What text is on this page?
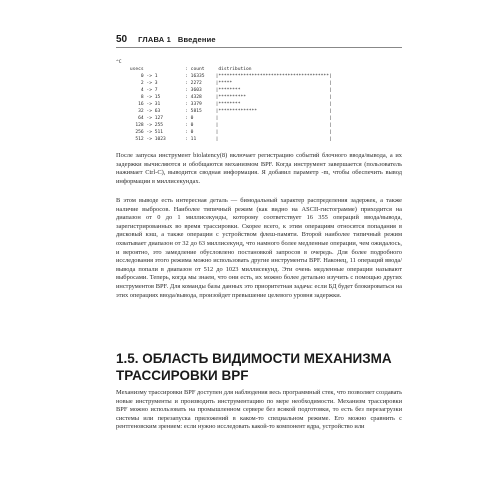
50 ГЛАВА 1   Введение
^C
usecs               : count     distribution
0 -> 1          : 16335    |****************************************|
2 -> 3          : 2272     |*****                                   |
4 -> 7          : 3603     |********                                |
8 -> 15         : 4328     |**********                              |
16 -> 31         : 3379     |********                                |
32 -> 63         : 5815     |**************                          |
64 -> 127        : 0        |                                        |
128 -> 255        : 0        |                                        |
256 -> 511        : 0        |                                        |
512 -> 1023       : 11       |                                        |

После запуска инструмент biolatency(8) включает регистрацию событий блочного ввода/вывода, а их задержки вычисляются и обобщаются механизмом BPF. Когда инструмент завершается (пользователь нажимает Ctrl-C), выводится сводная информация. Я добавил параметр -m, чтобы обеспечить вывод информации в миллисекундах.

В этом выводе есть интересная деталь — бимодальный характер распределения задержек, а также наличие выбросов. Наиболее типичный режим (как видно на ASCII-гистограмме) приходится на диапазон от 0 до 1 миллисекунды, которому соответствует 16 355 операций ввода/вывода, зарегистрированных во время трассировки. Скорее всего, к этим операциям относятся попадания в дисковый кэш, а также операции с устройством флеш-памяти. Второй наиболее типичный режим охватывает диапазон от 32 до 63 миллисекунд, что намного более медленные операции, чем ожидалось, и вероятно, это замедление обусловлено постановкой запросов в очередь. Для более подробного исследования этого режима можно использовать другие инструменты BPF. Наконец, 11 операций ввода/вывода попали в диапазон от 512 до 1023 миллисекунд. Эти очень медленные операции называют выбросами. Теперь, когда мы знаем, что они есть, их можно более детально изучить с помощью других инструментов BPF. Для команды базы данных это приоритетная задача: если БД будет блокироваться на этих операциях ввода/вывода, произойдет превышение целевого уровня задержки.

1.5. ОБЛАСТЬ ВИДИМОСТИ МЕХАНИЗМА
ТРАССИРОВКИ BPF

Механизму трассировки BPF доступен для наблюдения весь программный стек, что позволяет создавать новые инструменты и производить инструментацию по мере необходимости. Механизм трассировки BPF можно использовать на промышленном сервере без всякой подготовки, то есть без перезагрузки системы или перезапуска приложений в каком-то специальном режиме. Его можно сравнить с рентгеновским зрением: если нужно исследовать какой-то компонент ядра, устройство или
